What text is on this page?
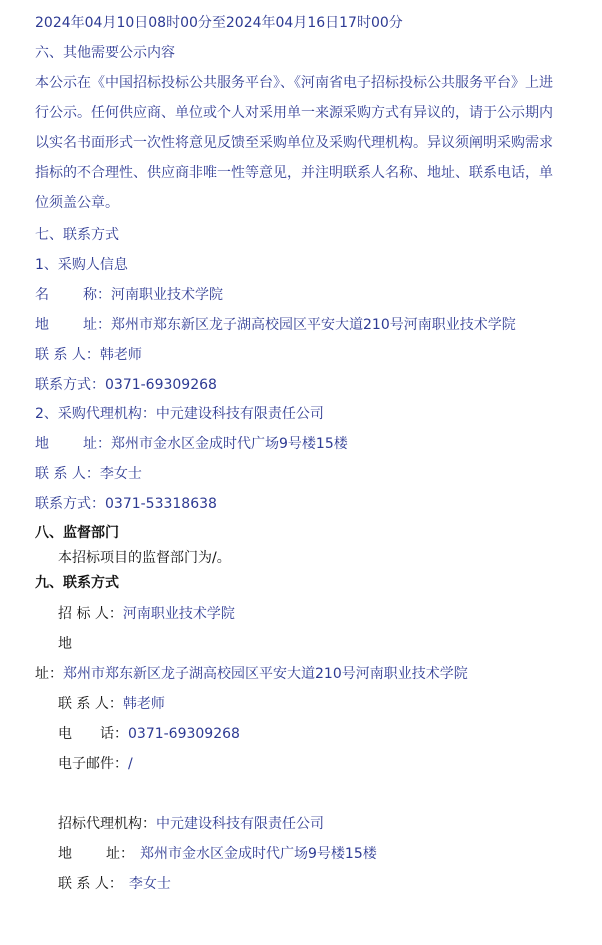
2024年04月10日08时00分至2024年04月16日17时00分
六、其他需要公示内容
本公示在《中国招标投标公共服务平台》、《河南省电子招标投标公共服务平台》上进行公示。任何供应商、单位或个人对采用单一来源采购方式有异议的，请于公示期内以实名书面形式一次性将意见反馈至采购单位及采购代理机构。异议须阐明采购需求指标的不合理性、供应商非唯一性等意见，并注明联系人名称、地址、联系电话，单位须盖公章。
七、联系方式
1、采购人信息
名 称：河南职业技术学院
地 址：郑州市郑东新区龙子湖高校园区平安大道210号河南职业技术学院
联 系 人：韩老师
联系方式：0371-69309268
2、采购代理机构：中元建设科技有限责任公司
地 址：郑州市金水区金成时代广场9号楼15楼
联 系 人：李女士
联系方式：0371-53318638
八、监督部门
本招标项目的监督部门为/。
九、联系方式
招 标 人：河南职业技术学院
地
址：郑州市郑东新区龙子湖高校园区平安大道210号河南职业技术学院
联 系 人：韩老师
电　　话：0371-69309268
电子邮件：/
招标代理机构：中元建设科技有限责任公司
地 址： 郑州市金水区金成时代广场9号楼15楼
联 系 人： 李女士
